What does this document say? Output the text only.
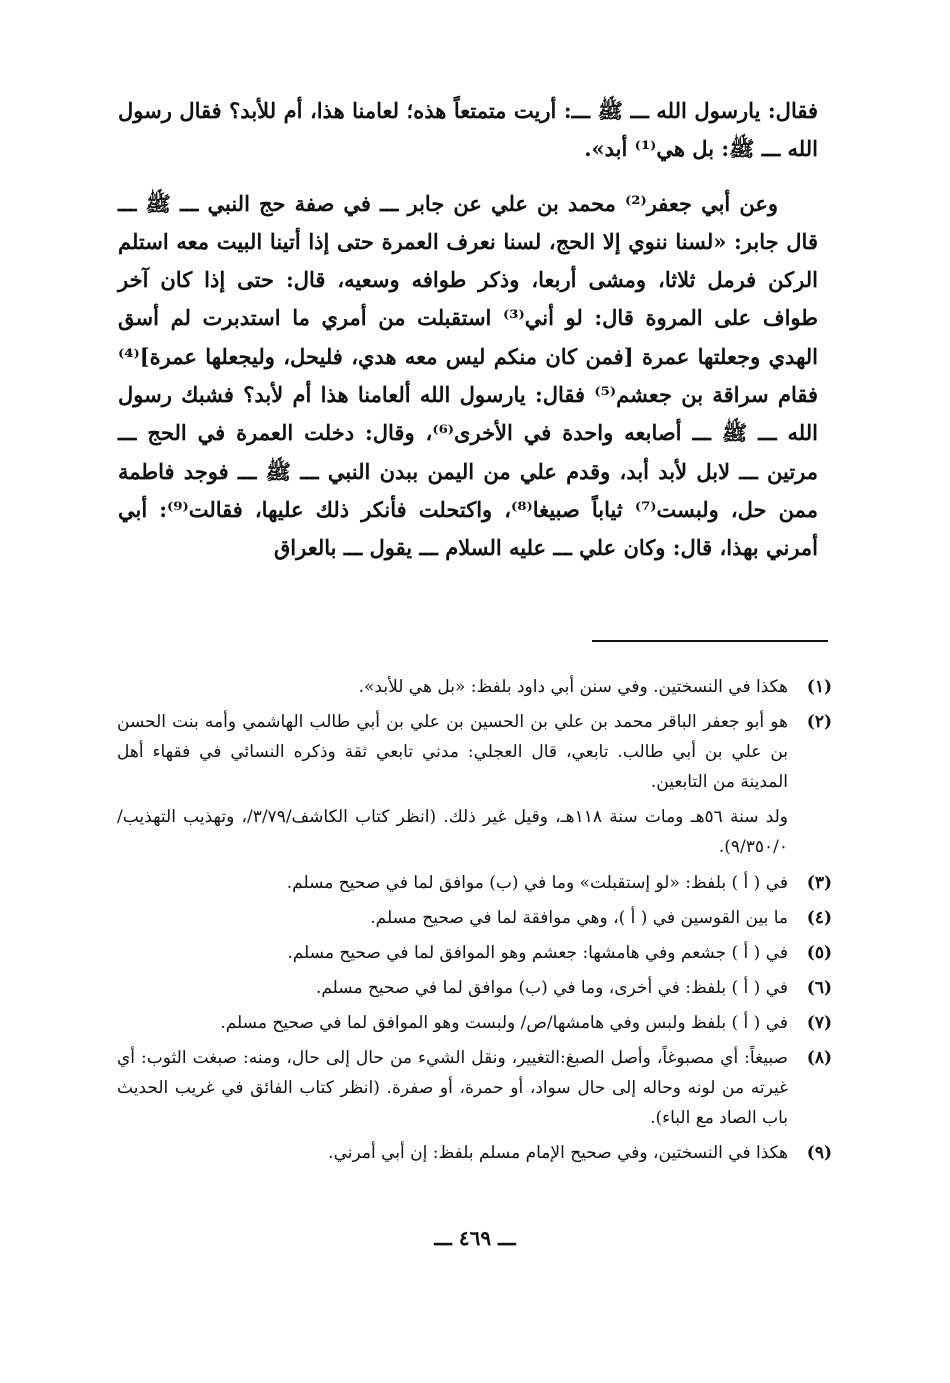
فقال: يارسول الله ـــ ﷺ ـــ: أريت متمتعاً هذه؛ لعامنا هذا، أم للأبد؟ فقال رسول الله ـــ ﷺ: بل هي⁽¹⁾ أبد».

وعن أبي جعفر⁽²⁾ محمد بن علي عن جابر ـــ في صفة حج النبي ـــ ﷺ ـــ قال جابر: «لسنا ننوي إلا الحج، لسنا نعرف العمرة حتى إذا أتينا البيت معه استلم الركن فرمل ثلاثا، ومشى أربعا، وذكر طوافه وسعيه، قال: حتى إذا كان آخر طواف على المروة قال: لو أني⁽³⁾ استقبلت من أمري ما استدبرت لم أسق الهدي وجعلتها عمرة [فمن كان منكم ليس معه هدي، فليحل، وليجعلها عمرة]⁽⁴⁾ فقام سراقة بن جعشم⁽⁵⁾ فقال: يارسول الله ألعامنا هذا أم لأبد؟ فشبك رسول الله ـــ ﷺ ـــ أصابعه واحدة في الأخرى⁽⁶⁾، وقال: دخلت العمرة في الحج ـــ مرتين ـــ لابل لأبد أبد، وقدم علي من اليمن ببدن النبي ـــ ﷺ ـــ فوجد فاطمة ممن حل، ولبست⁽⁷⁾ ثياباً صبيغا⁽⁸⁾، واكتحلت فأنكر ذلك عليها، فقالت⁽⁹⁾: أبي أمرني بهذا، قال: وكان علي ـــ عليه السلام ـــ يقول ـــ بالعراق

(١)

هكذا في النسختين. وفي سنن أبي داود بلفظ: «بل هي للأبد».

(٢)

هو أبو جعفر الباقر محمد بن علي بن الحسين بن علي بن أبي طالب الهاشمي وأمه بنت الحسن بن علي بن أبي طالب. تابعي، قال العجلي: مدني تابعي ثقة وذكره النسائي في فقهاء أهل المدينة من التابعين.

ولد سنة ٥٦هـ ومات سنة ١١٨هـ، وقيل غير ذلك. (انظر كتاب الكاشف/٣/٧٩/، وتهذيب التهذيب/٩/٣٥٠/٠).
(٣)

في ( أ ) بلفظ: «لو إستقبلت» وما في (ب) موافق لما في صحيح مسلم.

(٤)

ما بين القوسين في ( أ )، وهي موافقة لما في صحيح مسلم.

(٥)

في ( أ ) جشعم وفي هامشها: جعشم وهو الموافق لما في صحيح مسلم.

(٦)

في ( أ ) بلفظ: في أخرى، وما في (ب) موافق لما في صحيح مسلم.

(٧)

في ( أ ) بلفظ ولبس وفي هامشها/ص/ ولبست وهو الموافق لما في صحيح مسلم.

(٨)

صبيغاً: أي مصبوغاً، وأصل الصبغ:التغيير، ونقل الشيء من حال إلى حال، ومنه: صبغت الثوب: أي غيرته من لونه وحاله إلى حال سواد، أو حمرة، أو صفرة. (انظر كتاب الفائق في غريب الحديث باب الصاد مع الباء).

(٩)

هكذا في النسختين، وفي صحيح الإمام مسلم بلفظ: إن أبي أمرني.

ـــ ٤٦٩ ـــ
